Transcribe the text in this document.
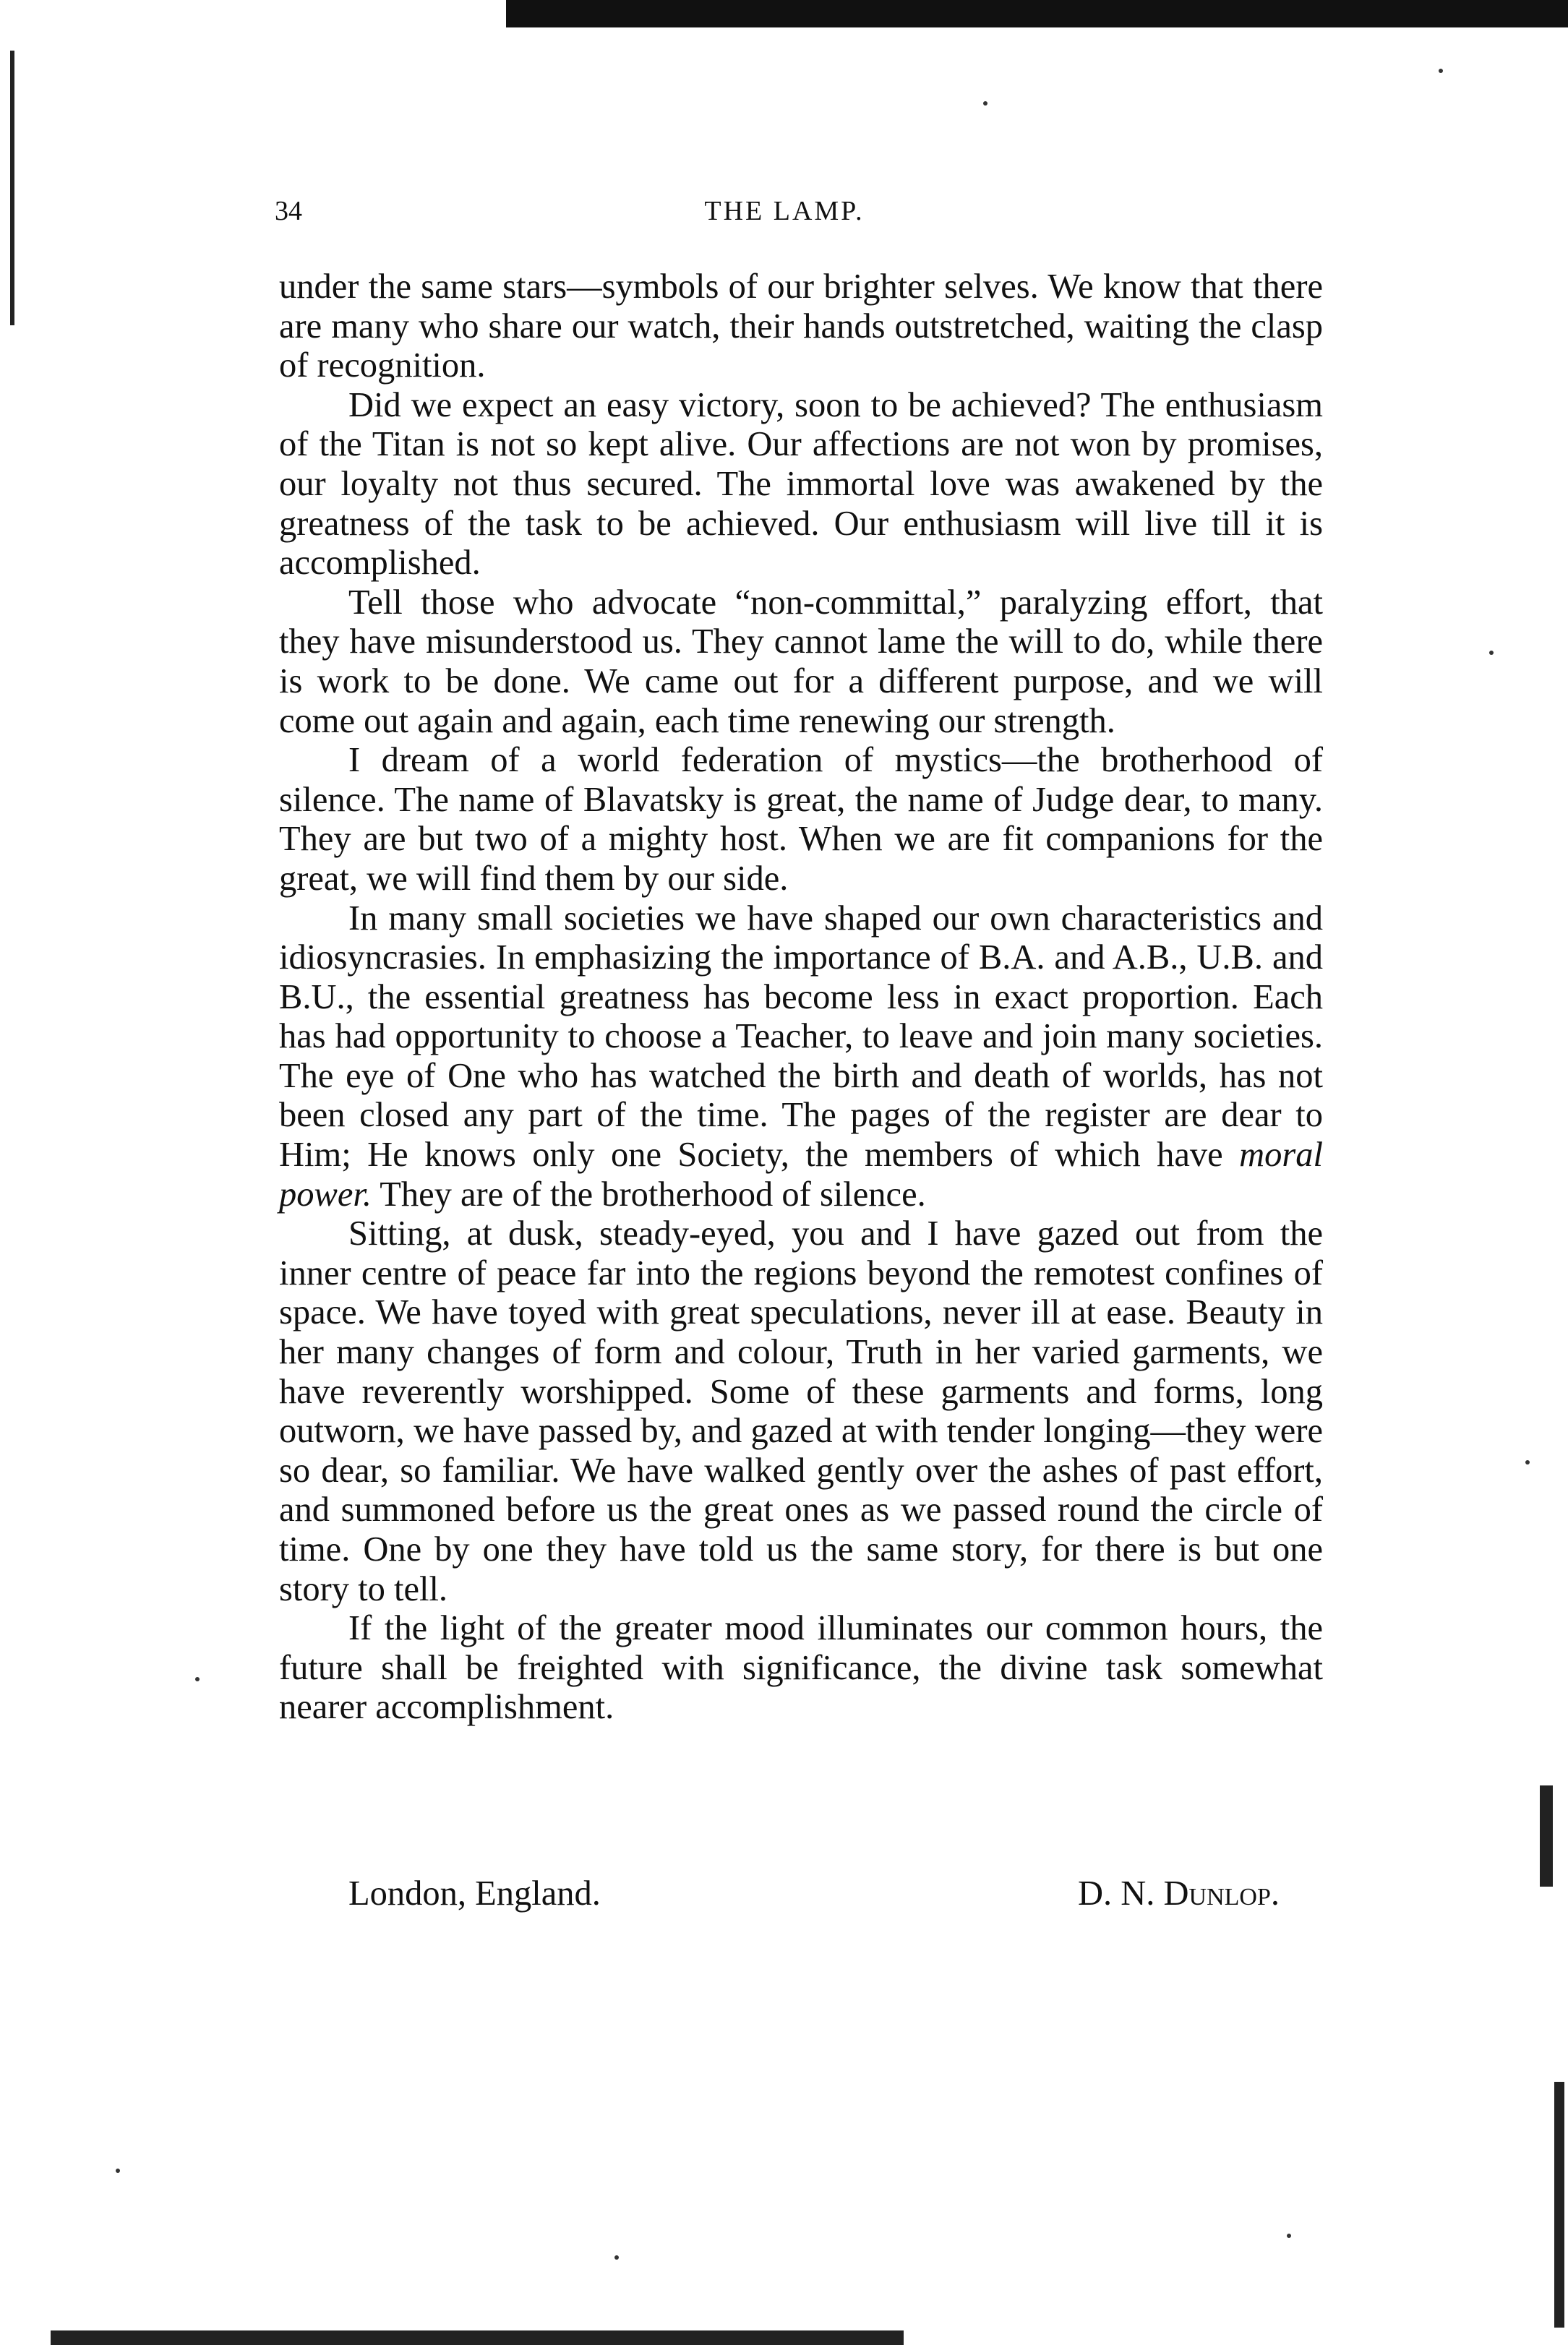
34	THE LAMP.

under the same stars—symbols of our brighter selves. We know that there are many who share our watch, their hands outstretched, waiting the clasp of recognition.

Did we expect an easy victory, soon to be achieved? The enthusiasm of the Titan is not so kept alive. Our affections are not won by promises, our loyalty not thus secured. The immortal love was awakened by the greatness of the task to be achieved. Our enthusiasm will live till it is accomplished.

Tell those who advocate “non-committal,” paralyzing effort, that they have misunderstood us. They cannot lame the will to do, while there is work to be done. We came out for a different purpose, and we will come out again and again, each time renewing our strength.

I dream of a world federation of mystics—the brotherhood of silence. The name of Blavatsky is great, the name of Judge dear, to many. They are but two of a mighty host. When we are fit companions for the great, we will find them by our side.

In many small societies we have shaped our own characteristics and idiosyncrasies. In emphasizing the importance of B.A. and A.B., U.B. and B.U., the essential greatness has become less in exact proportion. Each has had opportunity to choose a Teacher, to leave and join many societies. The eye of One who has watched the birth and death of worlds, has not been closed any part of the time. The pages of the register are dear to Him; He knows only one Society, the members of which have moral power. They are of the brotherhood of silence.

Sitting, at dusk, steady-eyed, you and I have gazed out from the inner centre of peace far into the regions beyond the remotest confines of space. We have toyed with great speculations, never ill at ease. Beauty in her many changes of form and colour, Truth in her varied garments, we have reverently worshipped. Some of these garments and forms, long outworn, we have passed by, and gazed at with tender longing—they were so dear, so familiar. We have walked gently over the ashes of past effort, and summoned before us the great ones as we passed round the circle of time. One by one they have told us the same story, for there is but one story to tell.

If the light of the greater mood illuminates our common hours, the future shall be freighted with significance, the divine task somewhat nearer accomplishment.

London, England.	D. N. Dunlop.
